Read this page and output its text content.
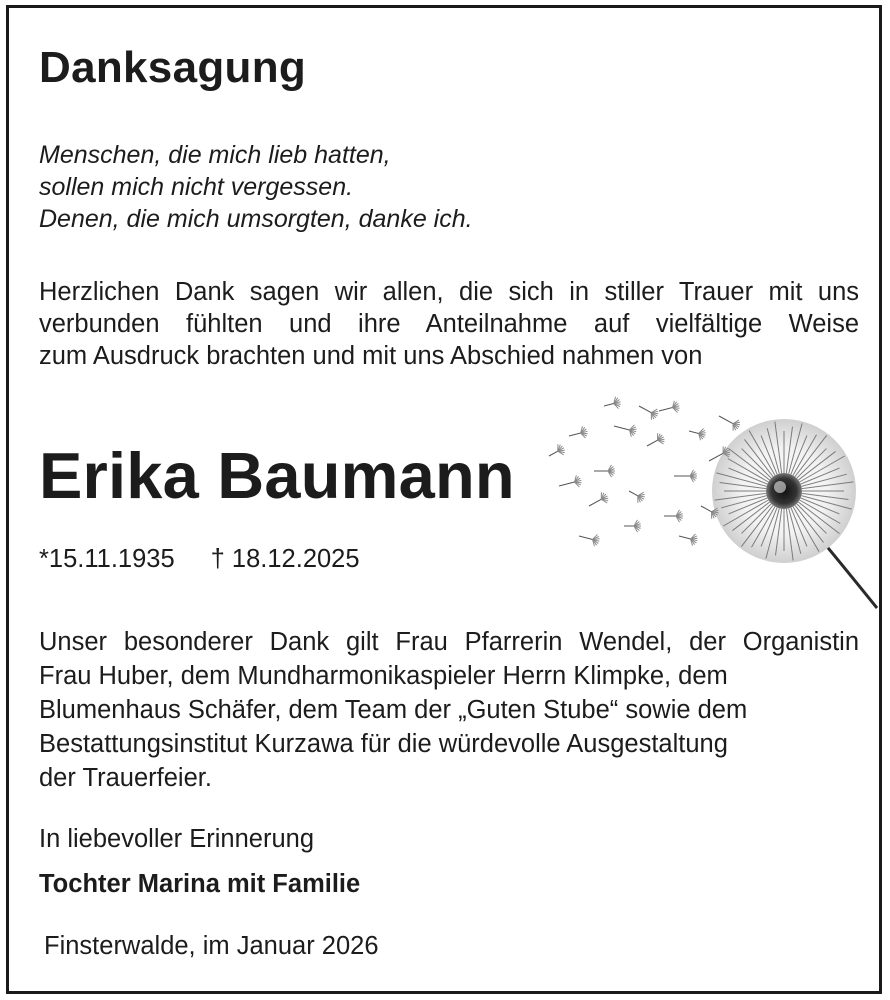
Danksagung
Menschen, die mich lieb hatten,
sollen mich nicht vergessen.
Denen, die mich umsorgten, danke ich.
Herzlichen Dank sagen wir allen, die sich in stiller Trauer mit uns
verbunden fühlten und ihre Anteilnahme auf vielfältige Weise
zum Ausdruck brachten und mit uns Abschied nahmen von
Erika Baumann
*15.11.1935 † 18.12.2025
Unser besonderer Dank gilt Frau Pfarrerin Wendel, der Organistin
Frau Huber, dem Mundharmonikaspieler Herrn Klimpke, dem
Blumenhaus Schäfer, dem Team der „Guten Stube“ sowie dem
Bestattungsinstitut Kurzawa für die würdevolle Ausgestaltung
der Trauerfeier.
In liebevoller Erinnerung
Tochter Marina mit Familie
Finsterwalde, im Januar 2026
